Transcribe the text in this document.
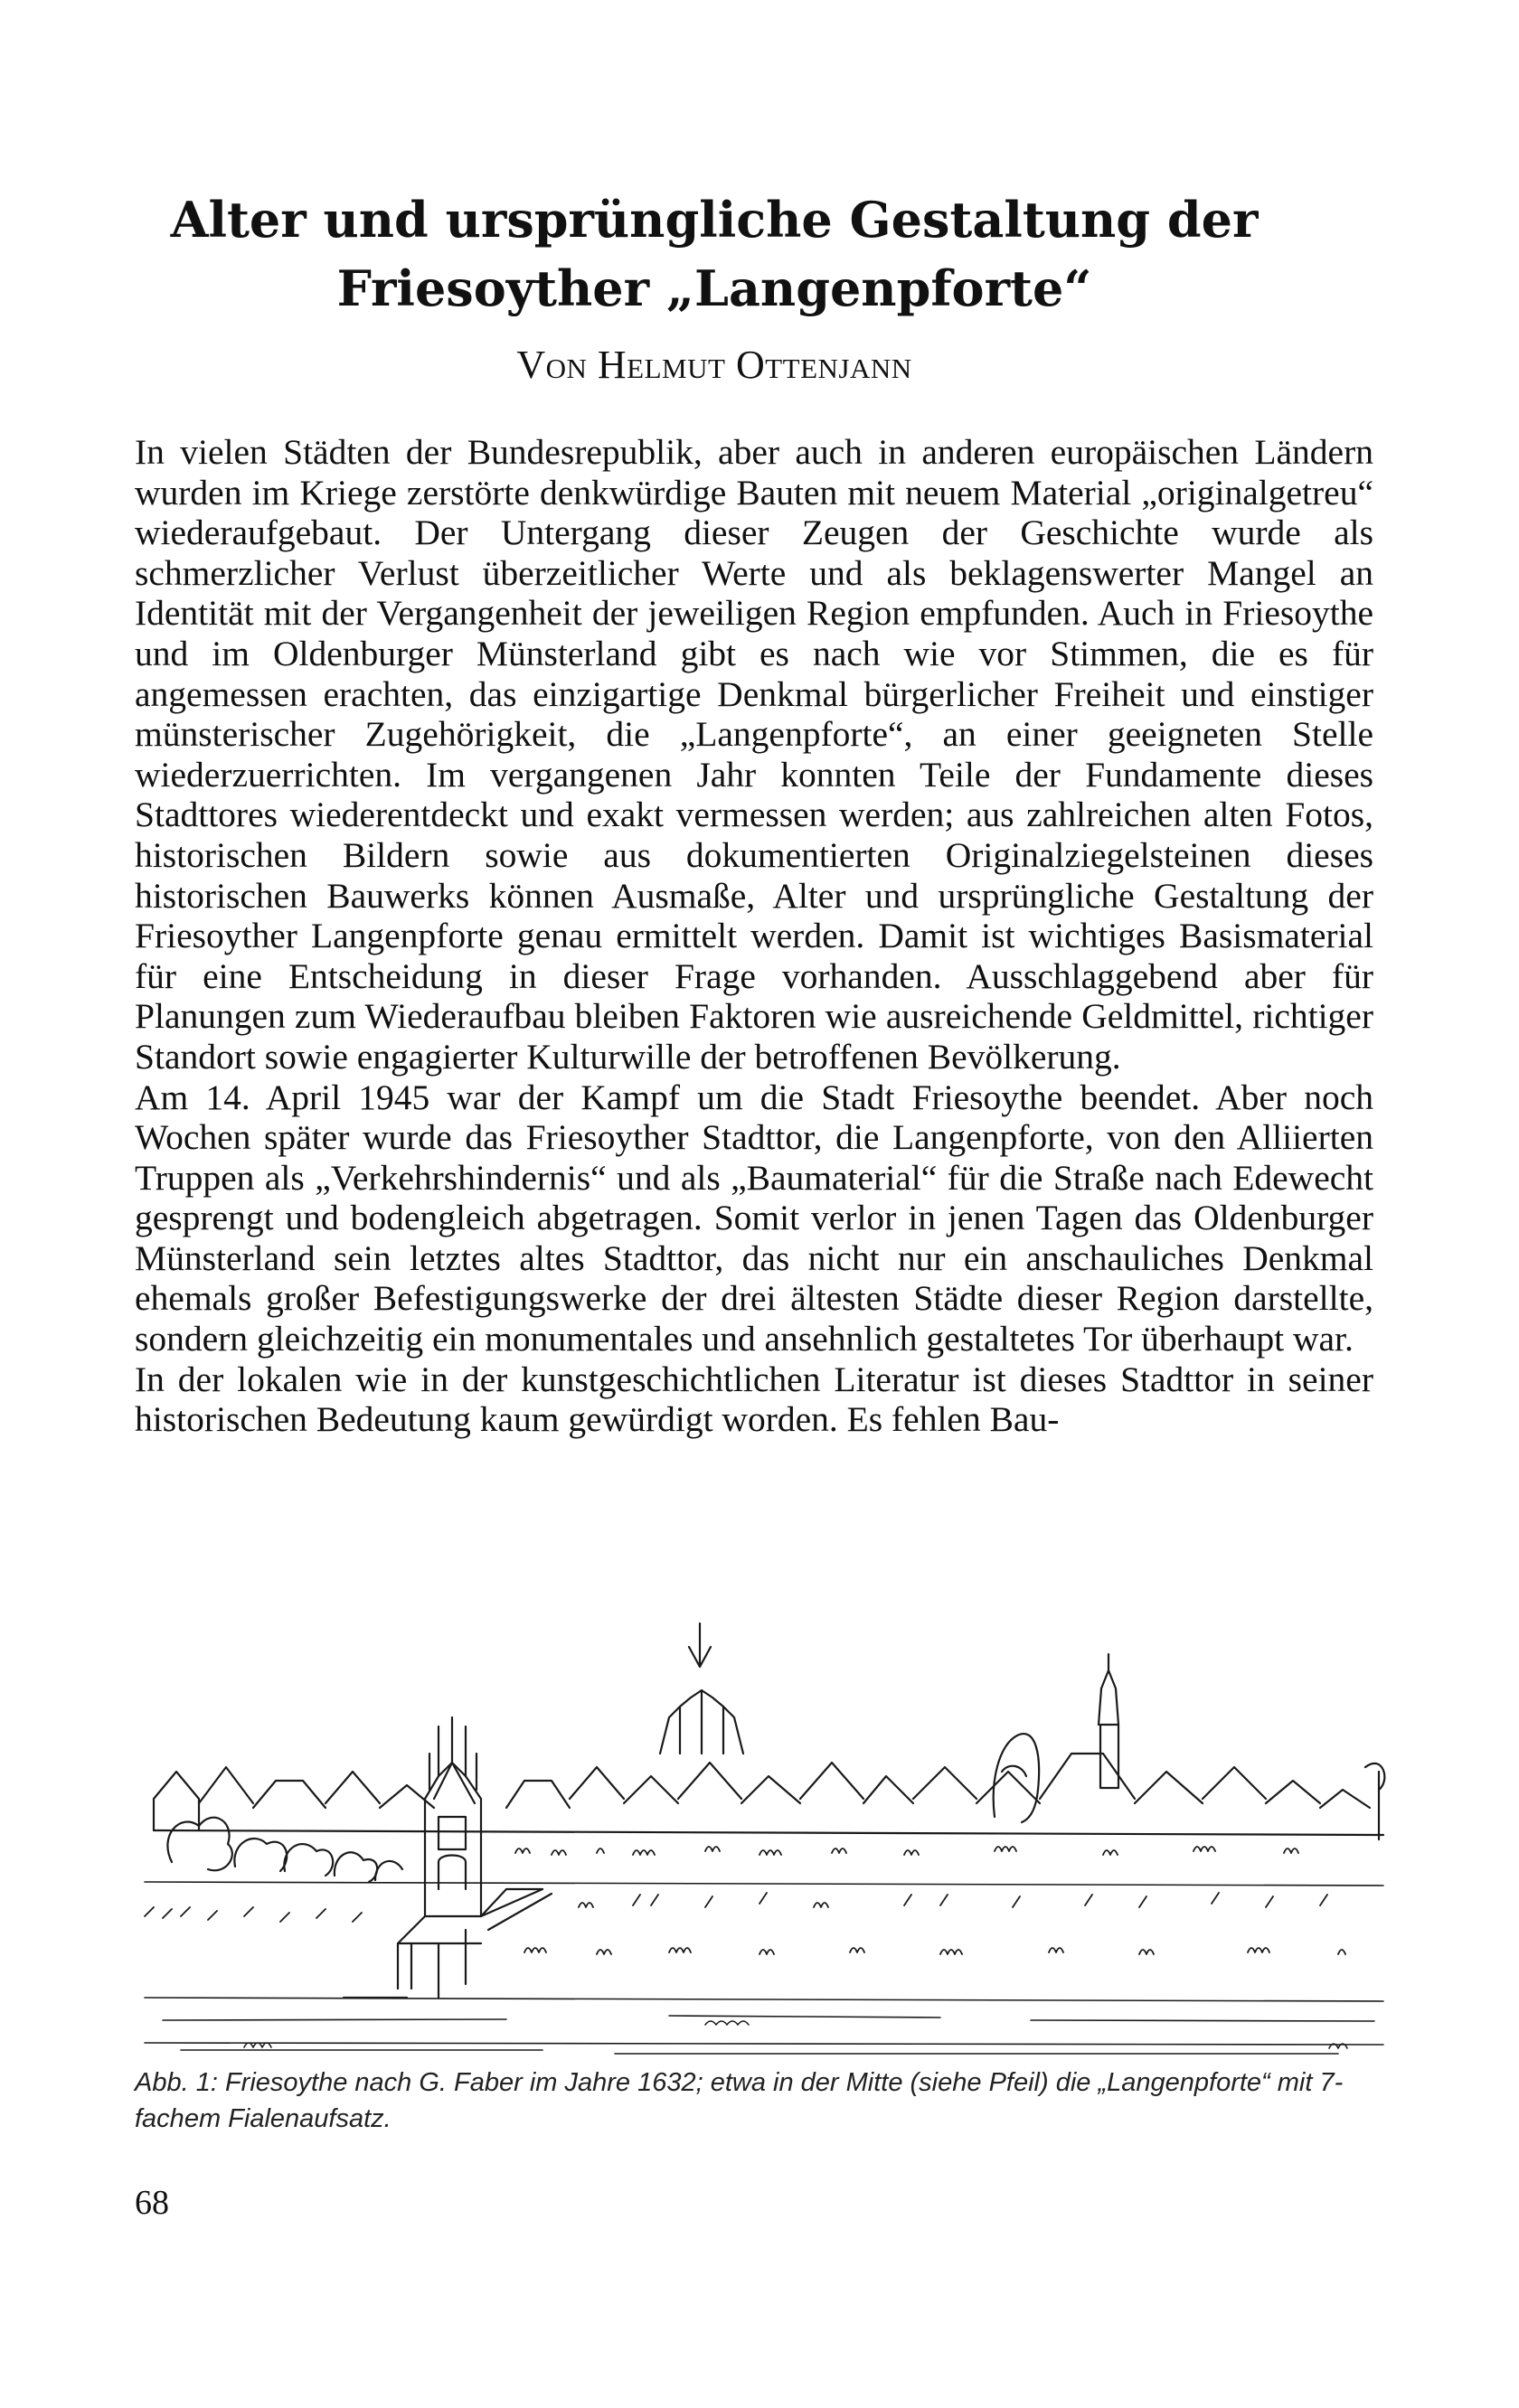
Alter und ursprüngliche Gestaltung der
Friesoyther „Langenpforte“

Von Helmut Ottenjann

In vielen Städten der Bundesrepublik, aber auch in anderen europäischen Ländern wurden im Kriege zerstörte denkwürdige Bauten mit neuem Material „originalgetreu“ wiederaufgebaut. Der Untergang dieser Zeugen der Geschichte wurde als schmerzlicher Verlust überzeitlicher Werte und als beklagenswerter Mangel an Identität mit der Vergangenheit der jeweiligen Region empfunden. Auch in Friesoythe und im Oldenburger Münsterland gibt es nach wie vor Stimmen, die es für angemessen erachten, das einzigartige Denkmal bürgerlicher Freiheit und einstiger münsterischer Zugehörigkeit, die „Langenpforte“, an einer geeigneten Stelle wiederzuerrichten. Im vergangenen Jahr konnten Teile der Fundamente dieses Stadttores wiederentdeckt und exakt vermessen werden; aus zahlreichen alten Fotos, historischen Bildern sowie aus dokumentierten Originalziegelsteinen dieses historischen Bauwerks können Ausmaße, Alter und ursprüngliche Gestaltung der Friesoyther Langenpforte genau ermittelt werden. Damit ist wichtiges Basismaterial für eine Entscheidung in dieser Frage vorhanden. Ausschlaggebend aber für Planungen zum Wiederaufbau bleiben Faktoren wie ausreichende Geldmittel, richtiger Standort sowie engagierter Kulturwille der betroffenen Bevölkerung.

Am 14. April 1945 war der Kampf um die Stadt Friesoythe beendet. Aber noch Wochen später wurde das Friesoyther Stadttor, die Langenpforte, von den Alliierten Truppen als „Verkehrshindernis“ und als „Baumaterial“ für die Straße nach Edewecht gesprengt und bodengleich abgetragen. Somit verlor in jenen Tagen das Oldenburger Münsterland sein letztes altes Stadttor, das nicht nur ein anschauliches Denkmal ehemals großer Befestigungswerke der drei ältesten Städte dieser Region darstellte, sondern gleichzeitig ein monumentales und ansehnlich gestaltetes Tor überhaupt war.

In der lokalen wie in der kunstgeschichtlichen Literatur ist dieses Stadttor in seiner historischen Bedeutung kaum gewürdigt worden. Es fehlen Bau-

Abb. 1: Friesoythe nach G. Faber im Jahre 1632; etwa in der Mitte (siehe Pfeil) die „Langenpforte“ mit 7-fachem Fialenaufsatz.

68
